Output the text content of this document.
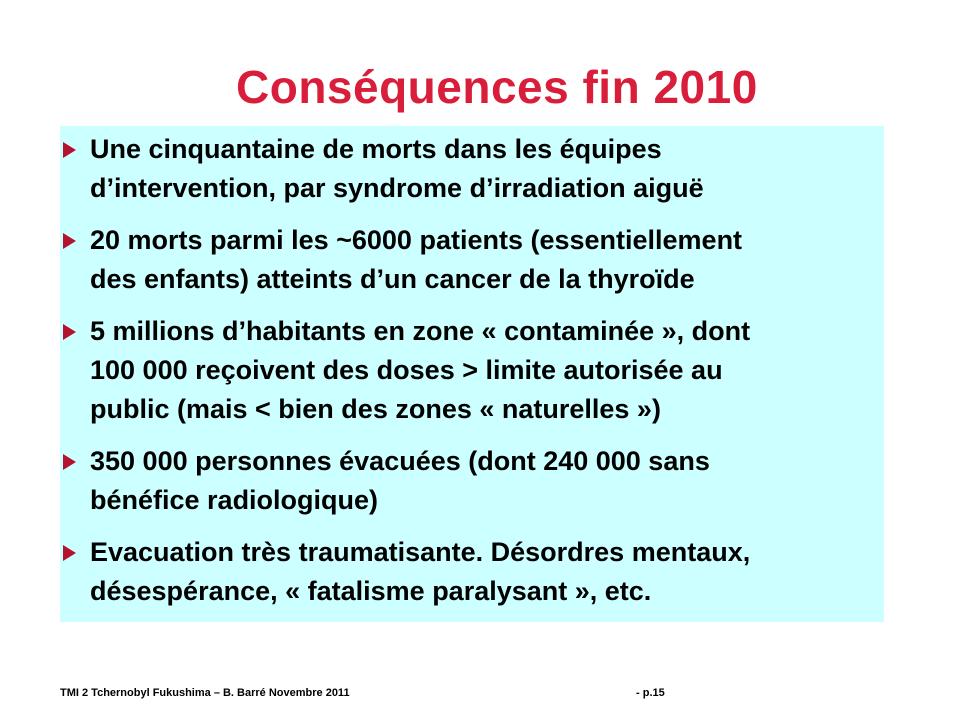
Conséquences fin 2010
Une cinquantaine de morts dans les équipes
d’intervention, par syndrome d’irradiation aiguë
20 morts parmi les ~6000 patients (essentiellement
des enfants) atteints d’un cancer de la thyroïde
5 millions d’habitants en zone « contaminée », dont
100 000 reçoivent des doses > limite autorisée au
public (mais < bien des zones « naturelles »)
350 000 personnes évacuées (dont 240 000 sans
bénéfice radiologique)
Evacuation très traumatisante. Désordres mentaux,
désespérance, « fatalisme paralysant », etc.
TMI 2 Tchernobyl Fukushima – B. Barré Novembre 2011	- p.15
